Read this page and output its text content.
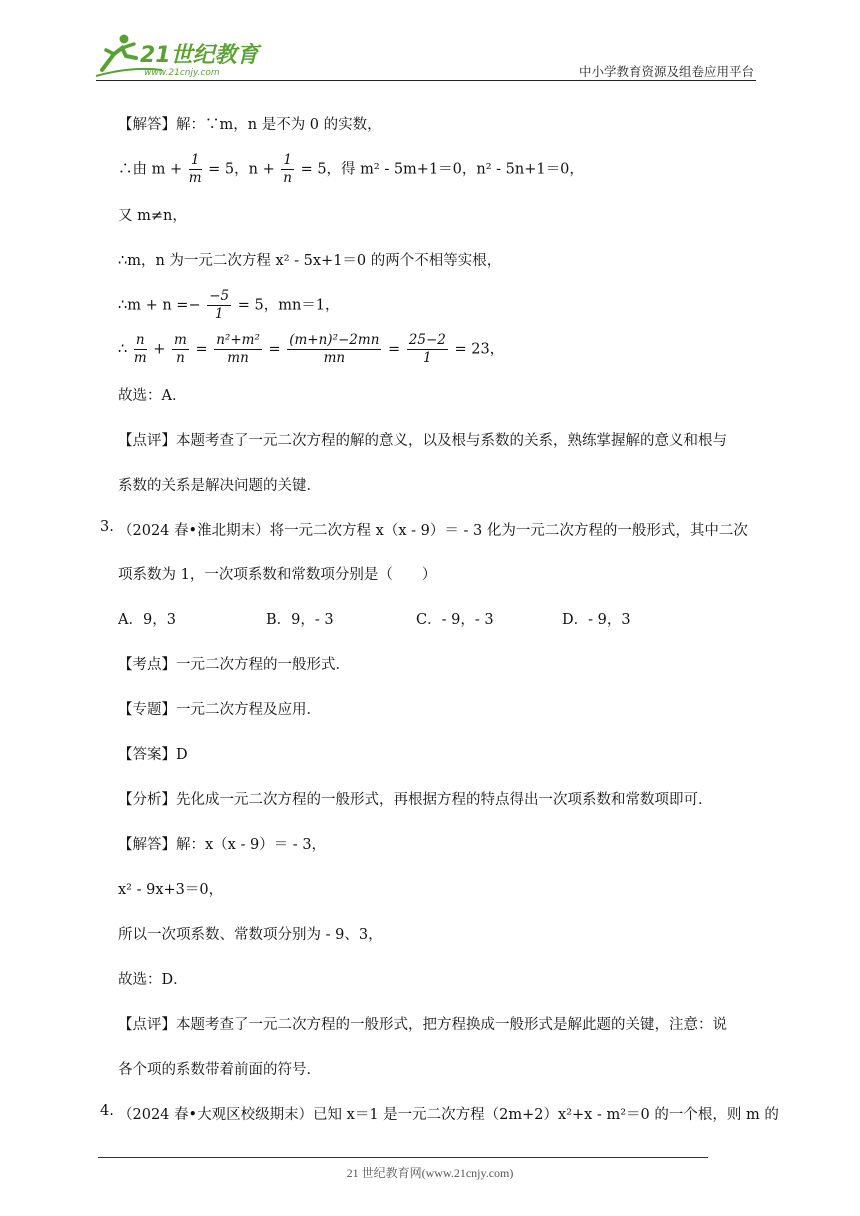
21世纪教育
www.21cnjy.com	中小学教育资源及组卷应用平台
【解答】解：∵m，n 是不为 0 的实数，
∴由 $m + \frac{1}{m} = 5$，$n + \frac{1}{n} = 5$，得 m² - 5m+1＝0，n² - 5n+1＝0，
又 m≠n，
∴m，n 为一元二次方程 x² - 5x+1＝0 的两个不相等实根，
∴m + $n =- \frac{-5}{1} = 5$，mn＝1，
∴ $\frac{n}{m} + \frac{m}{n} = \frac{\text{n²+m²}}{mn} = \frac{\text{(m+n)²−2mn}}{mn} = \frac{25-2}{1} = 23$，
故选：A．
【点评】本题考查了一元二次方程的解的意义，以及根与系数的关系，熟练掌握解的意义和根与
系数的关系是解决问题的关键．
3. （2024 春•淮北期末）将一元二次方程 x（x - 9）＝ - 3 化为一元二次方程的一般形式，其中二次
项系数为 1，一次项系数和常数项分别是（　　）
A．9，3	B．9，- 3	C．- 9，- 3	D．- 9，3
【考点】一元二次方程的一般形式．
【专题】一元二次方程及应用．
【答案】D
【分析】先化成一元二次方程的一般形式，再根据方程的特点得出一次项系数和常数项即可．
【解答】解：x（x - 9）＝ - 3，
x² - 9x+3＝0，
所以一次项系数、常数项分别为 - 9、3，
故选：D．
【点评】本题考查了一元二次方程的一般形式，把方程换成一般形式是解此题的关键，注意：说
各个项的系数带着前面的符号．
4. （2024 春•大观区校级期末）已知 x＝1 是一元二次方程（2m+2）x²+x - m²＝0 的一个根，则 m 的
21 世纪教育网(www.21cnjy.com)
